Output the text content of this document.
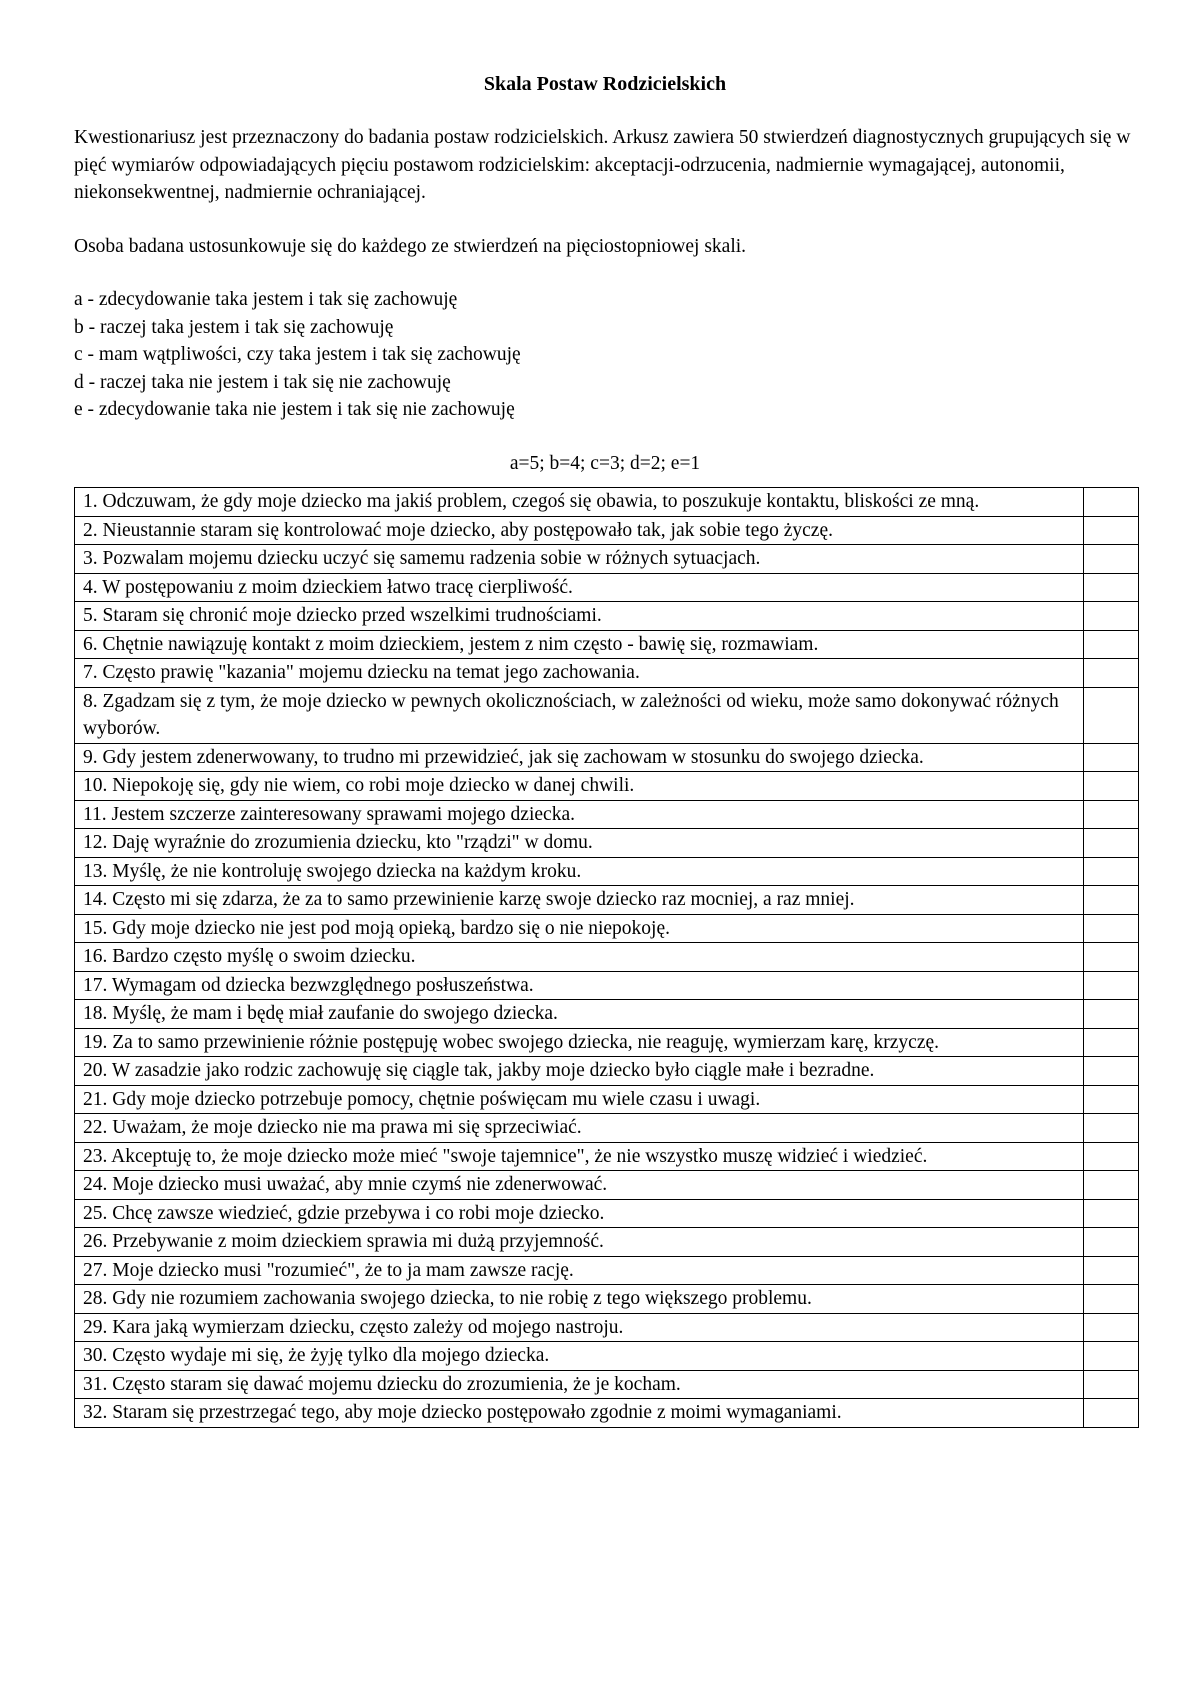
Skala Postaw Rodzicielskich

Kwestionariusz jest przeznaczony do badania postaw rodzicielskich. Arkusz zawiera 50 stwierdzeń diagnostycznych grupujących się w pięć wymiarów odpowiadających pięciu postawom rodzicielskim: akceptacji-odrzucenia, nadmiernie wymagającej, autonomii, niekonsekwentnej, nadmiernie ochraniającej.

Osoba badana ustosunkowuje się do każdego ze stwierdzeń na pięciostopniowej skali.

a - zdecydowanie taka jestem i tak się zachowuję
b - raczej taka jestem i tak się zachowuję
c - mam wątpliwości, czy taka jestem i tak się zachowuję
d - raczej taka nie jestem i tak się nie zachowuję
e - zdecydowanie taka nie jestem i tak się nie zachowuję

a=5; b=4; c=3; d=2; e=1

1. Odczuwam, że gdy moje dziecko ma jakiś problem, czegoś się obawia, to poszukuje kontaktu, bliskości ze mną.	
2. Nieustannie staram się kontrolować moje dziecko, aby postępowało tak, jak sobie tego życzę.	
3. Pozwalam mojemu dziecku uczyć się samemu radzenia sobie w różnych sytuacjach.	
4. W postępowaniu z moim dzieckiem łatwo tracę cierpliwość.	
5. Staram się chronić moje dziecko przed wszelkimi trudnościami.	
6. Chętnie nawiązuję kontakt z moim dzieckiem, jestem z nim często - bawię się, rozmawiam.	
7. Często prawię "kazania" mojemu dziecku na temat jego zachowania.	
8. Zgadzam się z tym, że moje dziecko w pewnych okolicznościach, w zależności od wieku, może samo dokonywać różnych wyborów.	
9. Gdy jestem zdenerwowany, to trudno mi przewidzieć, jak się zachowam w stosunku do swojego dziecka.	
10. Niepokoję się, gdy nie wiem, co robi moje dziecko w danej chwili.	
11. Jestem szczerze zainteresowany sprawami mojego dziecka.	
12. Daję wyraźnie do zrozumienia dziecku, kto "rządzi" w domu.	
13. Myślę, że nie kontroluję swojego dziecka na każdym kroku.	
14. Często mi się zdarza, że za to samo przewinienie karzę swoje dziecko raz mocniej, a raz mniej.	
15. Gdy moje dziecko nie jest pod moją opieką, bardzo się o nie niepokoję.	
16. Bardzo często myślę o swoim dziecku.	
17. Wymagam od dziecka bezwzględnego posłuszeństwa.	
18. Myślę, że mam i będę miał zaufanie do swojego dziecka.	
19. Za to samo przewinienie różnie postępuję wobec swojego dziecka, nie reaguję, wymierzam karę, krzyczę.	
20. W zasadzie jako rodzic zachowuję się ciągle tak, jakby moje dziecko było ciągle małe i bezradne.	
21. Gdy moje dziecko potrzebuje pomocy, chętnie poświęcam mu wiele czasu i uwagi.	
22. Uważam, że moje dziecko nie ma prawa mi się sprzeciwiać.	
23. Akceptuję to, że moje dziecko może mieć "swoje tajemnice", że nie wszystko muszę widzieć i wiedzieć.	
24. Moje dziecko musi uważać, aby mnie czymś nie zdenerwować.	
25. Chcę zawsze wiedzieć, gdzie przebywa i co robi moje dziecko.	
26. Przebywanie z moim dzieckiem sprawia mi dużą przyjemność.	
27. Moje dziecko musi "rozumieć", że to ja mam zawsze rację.	
28. Gdy nie rozumiem zachowania swojego dziecka, to nie robię z tego większego problemu.	
29. Kara jaką wymierzam dziecku, często zależy od mojego nastroju.	
30. Często wydaje mi się, że żyję tylko dla mojego dziecka.	
31. Często staram się dawać mojemu dziecku do zrozumienia, że je kocham.	
32. Staram się przestrzegać tego, aby moje dziecko postępowało zgodnie z moimi wymaganiami.	
